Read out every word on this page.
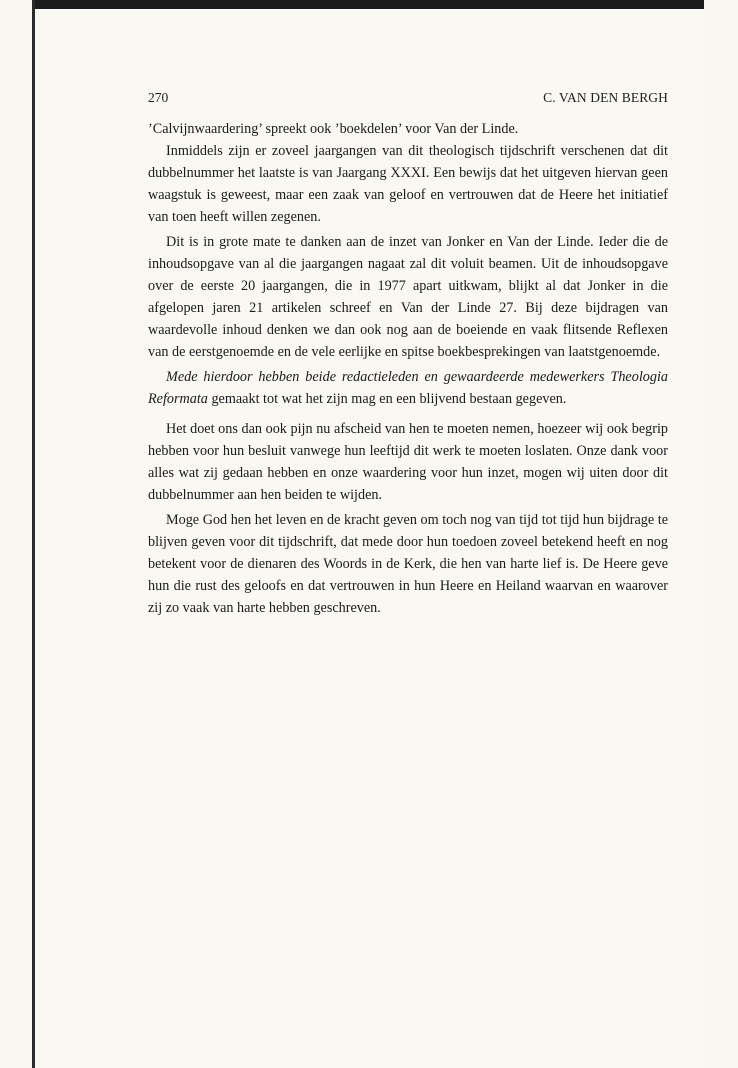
270	C. VAN DEN BERGH

’Calvijnwaardering’ spreekt ook ’boekdelen’ voor Van der Linde.

Inmiddels zijn er zoveel jaargangen van dit theologisch tijdschrift verschenen dat dit dubbelnummer het laatste is van Jaargang XXXI. Een bewijs dat het uitgeven hiervan geen waagstuk is geweest, maar een zaak van geloof en vertrouwen dat de Heere het initiatief van toen heeft willen zegenen.

Dit is in grote mate te danken aan de inzet van Jonker en Van der Linde. Ieder die de inhoudsopgave van al die jaargangen nagaat zal dit voluit beamen. Uit de inhoudsopgave over de eerste 20 jaargangen, die in 1977 apart uitkwam, blijkt al dat Jonker in die afgelopen jaren 21 artikelen schreef en Van der Linde 27. Bij deze bijdragen van waardevolle inhoud denken we dan ook nog aan de boeiende en vaak flitsende Reflexen van de eerstgenoemde en de vele eerlijke en spitse boekbesprekingen van laatstgenoemde.

Mede hierdoor hebben beide redactieleden en gewaardeerde medewerkers Theologia Reformata gemaakt tot wat het zijn mag en een blijvend bestaan gegeven.

Het doet ons dan ook pijn nu afscheid van hen te moeten nemen, hoezeer wij ook begrip hebben voor hun besluit vanwege hun leeftijd dit werk te moeten loslaten. Onze dank voor alles wat zij gedaan hebben en onze waardering voor hun inzet, mogen wij uiten door dit dubbelnummer aan hen beiden te wijden.

Moge God hen het leven en de kracht geven om toch nog van tijd tot tijd hun bijdrage te blijven geven voor dit tijdschrift, dat mede door hun toedoen zoveel betekend heeft en nog betekent voor de dienaren des Woords in de Kerk, die hen van harte lief is. De Heere geve hun die rust des geloofs en dat vertrouwen in hun Heere en Heiland waarvan en waarover zij zo vaak van harte hebben geschreven.
